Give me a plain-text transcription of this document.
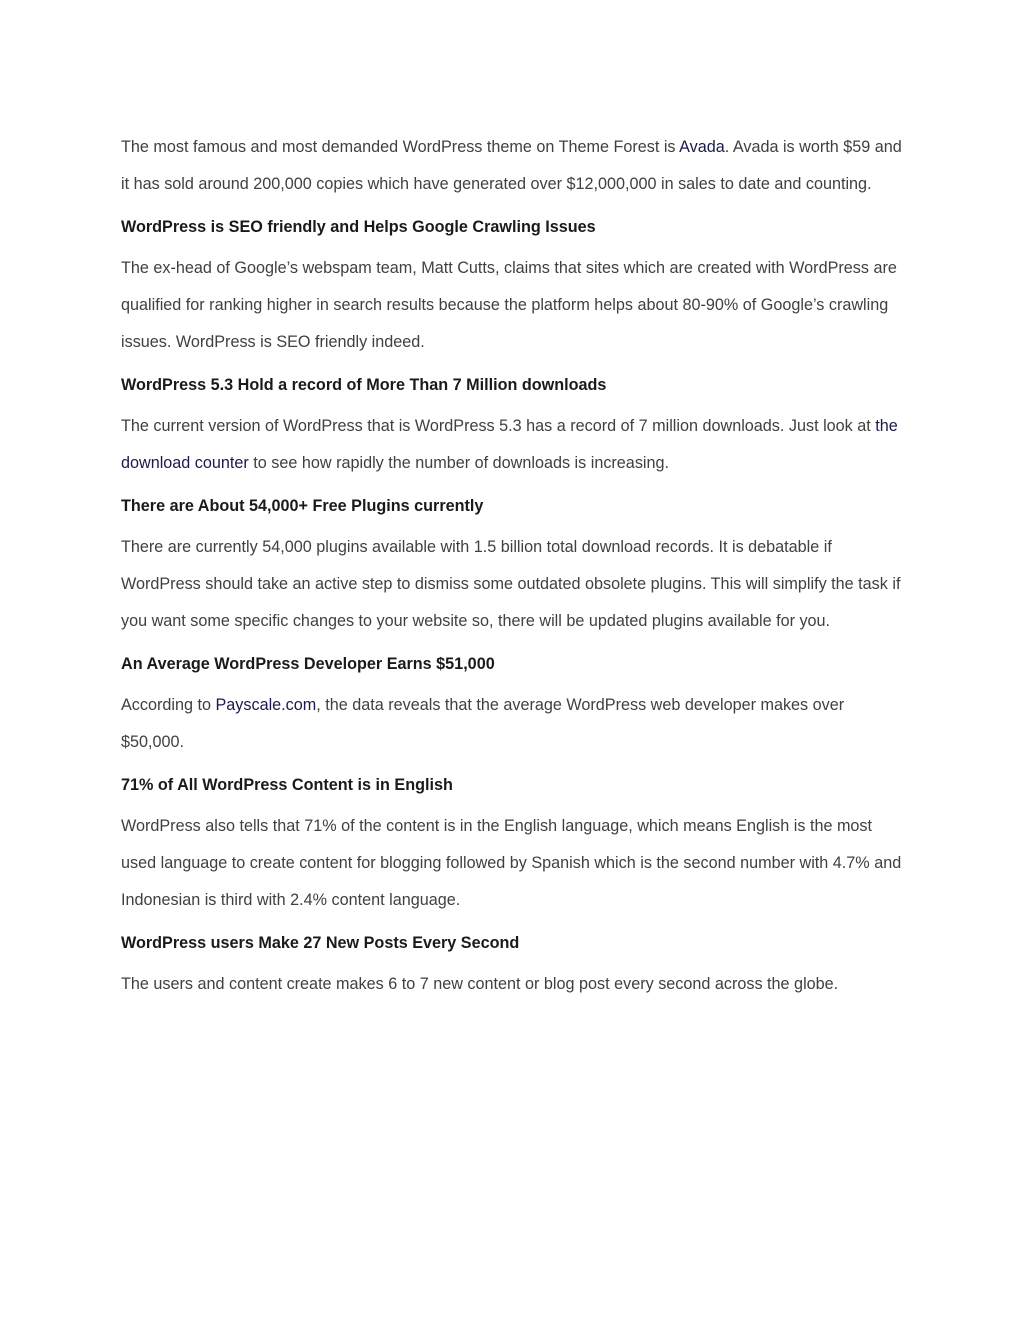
The most famous and most demanded WordPress theme on Theme Forest is Avada. Avada is worth $59 and it has sold around 200,000 copies which have generated over $12,000,000 in sales to date and counting.

WordPress is SEO friendly and Helps Google Crawling Issues

The ex-head of Google’s webspam team, Matt Cutts, claims that sites which are created with WordPress are qualified for ranking higher in search results because the platform helps about 80-90% of Google’s crawling issues. WordPress is SEO friendly indeed.

WordPress 5.3 Hold a record of More Than 7 Million downloads

The current version of WordPress that is WordPress 5.3 has a record of 7 million downloads. Just look at the download counter to see how rapidly the number of downloads is increasing.

There are About 54,000+ Free Plugins currently

There are currently 54,000 plugins available with 1.5 billion total download records. It is debatable if WordPress should take an active step to dismiss some outdated obsolete plugins. This will simplify the task if you want some specific changes to your website so, there will be updated plugins available for you.

An Average WordPress Developer Earns $51,000

According to Payscale.com, the data reveals that the average WordPress web developer makes over $50,000.

71% of All WordPress Content is in English

WordPress also tells that 71% of the content is in the English language, which means English is the most used language to create content for blogging followed by Spanish which is the second number with 4.7% and Indonesian is third with 2.4% content language.

WordPress users Make 27 New Posts Every Second

The users and content create makes 6 to 7 new content or blog post every second across the globe.
